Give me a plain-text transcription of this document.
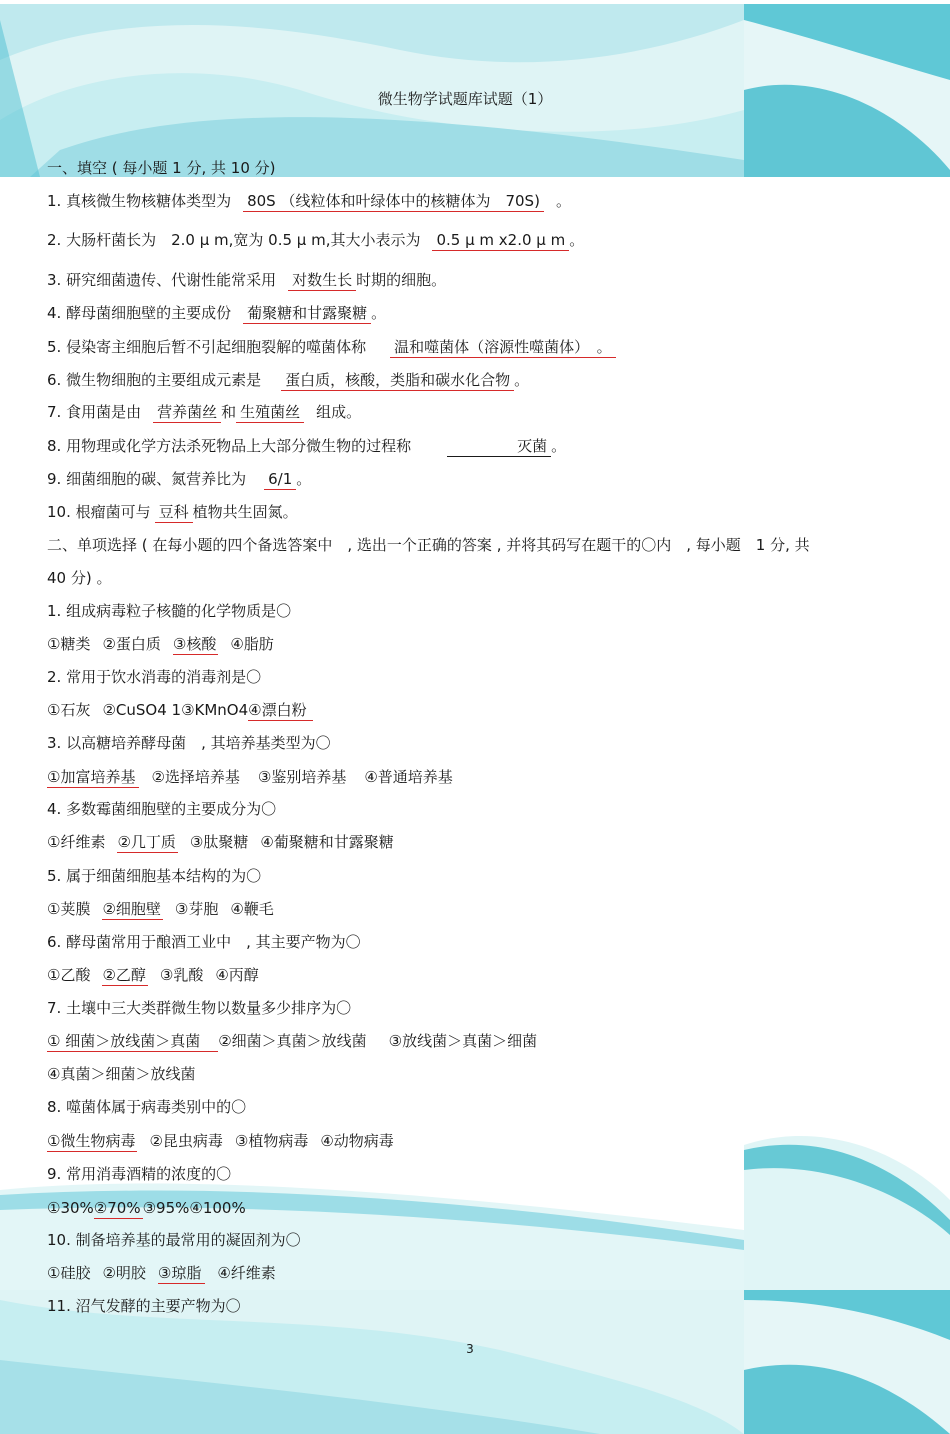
微生物学试题库试题（1）
一、填空 ( 每小题 1 分, 共 10 分)
1. 真核微生物核糖体类型为 80S （线粒体和叶绿体中的核糖体为　70S) 。
2. 大肠杆菌长为　2.0 μ m,宽为 0.5 μ m,其大小表示为 0.5 μ m x2.0 μ m 。
3. 研究细菌遗传、代谢性能常采用 对数生长 时期的细胞。
4. 酵母菌细胞壁的主要成份 葡聚糖和甘露聚糖 。
5. 侵染寄主细胞后暂不引起细胞裂解的噬菌体称 温和噬菌体（溶源性噬菌体）　。
6. 微生物细胞的主要组成元素是 蛋白质，核酸，类脂和碳水化合物 。
7. 食用菌是由 营养菌丝 和 生殖菌丝 组成。
8. 用物理或化学方法杀死物品上大部分微生物的过程称	灭菌 。
9. 细菌细胞的碳、氮营养比为 6/1 。
10. 根瘤菌可与 豆科 植物共生固氮。
二、单项选择 ( 在每小题的四个备选答案中　, 选出一个正确的答案 , 并将其码写在题干的〇内　, 每小题　1 分, 共
40 分) 。
1. 组成病毒粒子核髓的化学物质是〇
①糖类 ②蛋白质 ③核酸 ④脂肪
2. 常用于饮水消毒的消毒剂是〇
①石灰 ②CuSO4 1③KMnO4④漂白粉
3. 以高糖培养酵母菌　, 其培养基类型为〇
①加富培养基 ②选择培养基 ③鉴别培养基 ④普通培养基
4. 多数霉菌细胞壁的主要成分为〇
①纤维素 ②几丁质 ③肽聚糖 ④葡聚糖和甘露聚糖
5. 属于细菌细胞基本结构的为〇
①荚膜 ②细胞壁 ③芽胞 ④鞭毛
6. 酵母菌常用于酿酒工业中　, 其主要产物为〇
①乙酸 ②乙醇 ③乳酸 ④丙醇
7. 土壤中三大类群微生物以数量多少排序为〇
① 细菌＞放线菌＞真菌 ②细菌＞真菌＞放线菌 ③放线菌＞真菌＞细菌
④真菌＞细菌＞放线菌
8. 噬菌体属于病毒类别中的〇
①微生物病毒 ②昆虫病毒 ③植物病毒 ④动物病毒
9. 常用消毒酒精的浓度的〇
①30%②70% ③95%④100%
10. 制备培养基的最常用的凝固剂为〇
①硅胶 ②明胶 ③琼脂 ④纤维素
11. 沼气发酵的主要产物为〇
3
